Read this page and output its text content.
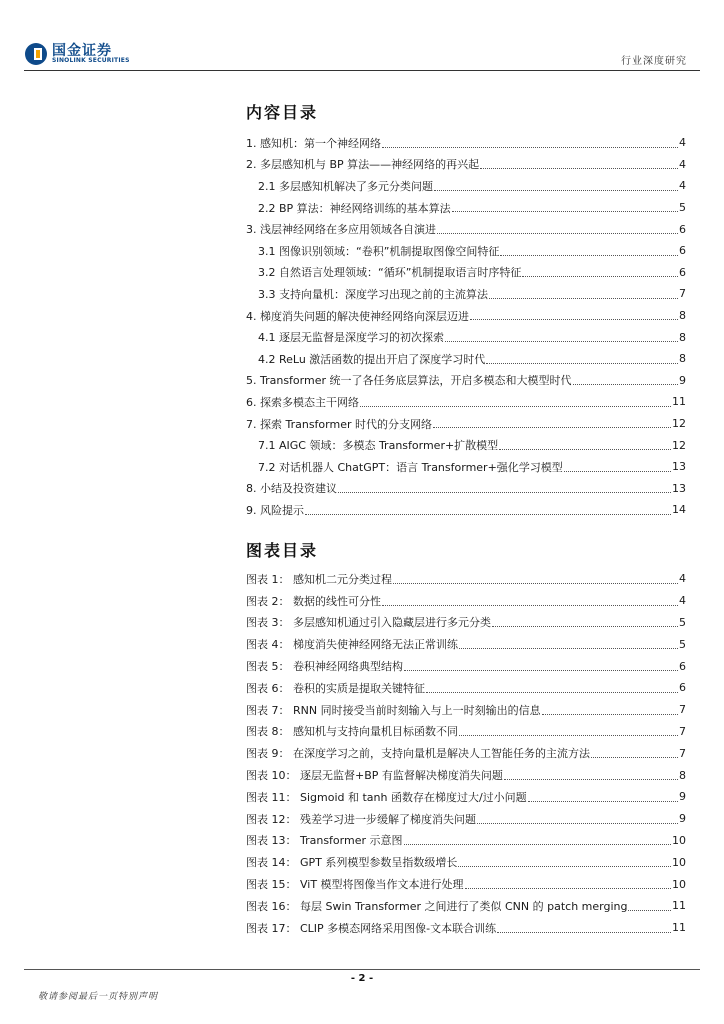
国金证券
SINOLINK SECURITIES	行业深度研究
内容目录
1. 感知机：第一个神经网络	4
2. 多层感知机与 BP 算法——神经网络的再兴起	4
2.1 多层感知机解决了多元分类问题	4
2.2 BP 算法：神经网络训练的基本算法	5
3. 浅层神经网络在多应用领域各自演进	6
3.1 图像识别领域：“卷积”机制提取图像空间特征	6
3.2 自然语言处理领域：“循环”机制提取语言时序特征	6
3.3 支持向量机：深度学习出现之前的主流算法	7
4. 梯度消失问题的解决使神经网络向深层迈进	8
4.1 逐层无监督是深度学习的初次探索	8
4.2 ReLu 激活函数的提出开启了深度学习时代	8
5. Transformer 统一了各任务底层算法，开启多模态和大模型时代	9
6. 探索多模态主干网络	11
7. 探索 Transformer 时代的分支网络	12
7.1 AIGC 领域：多模态 Transformer+扩散模型	12
7.2 对话机器人 ChatGPT：语言 Transformer+强化学习模型	13
8. 小结及投资建议	13
9. 风险提示	14
图表目录
图表 1： 感知机二元分类过程	4
图表 2： 数据的线性可分性	4
图表 3： 多层感知机通过引入隐藏层进行多元分类	5
图表 4： 梯度消失使神经网络无法正常训练	5
图表 5： 卷积神经网络典型结构	6
图表 6： 卷积的实质是提取关键特征	6
图表 7： RNN 同时接受当前时刻输入与上一时刻输出的信息	7
图表 8： 感知机与支持向量机目标函数不同	7
图表 9： 在深度学习之前，支持向量机是解决人工智能任务的主流方法	7
图表 10： 逐层无监督+BP 有监督解决梯度消失问题	8
图表 11： Sigmoid 和 tanh 函数存在梯度过大/过小问题	9
图表 12： 残差学习进一步缓解了梯度消失问题	9
图表 13： Transformer 示意图	10
图表 14： GPT 系列模型参数呈指数级增长	10
图表 15： ViT 模型将图像当作文本进行处理	10
图表 16： 每层 Swin Transformer 之间进行了类似 CNN 的 patch merging	11
图表 17： CLIP 多模态网络采用图像-文本联合训练	11
- 2 -
敬请参阅最后一页特别声明
